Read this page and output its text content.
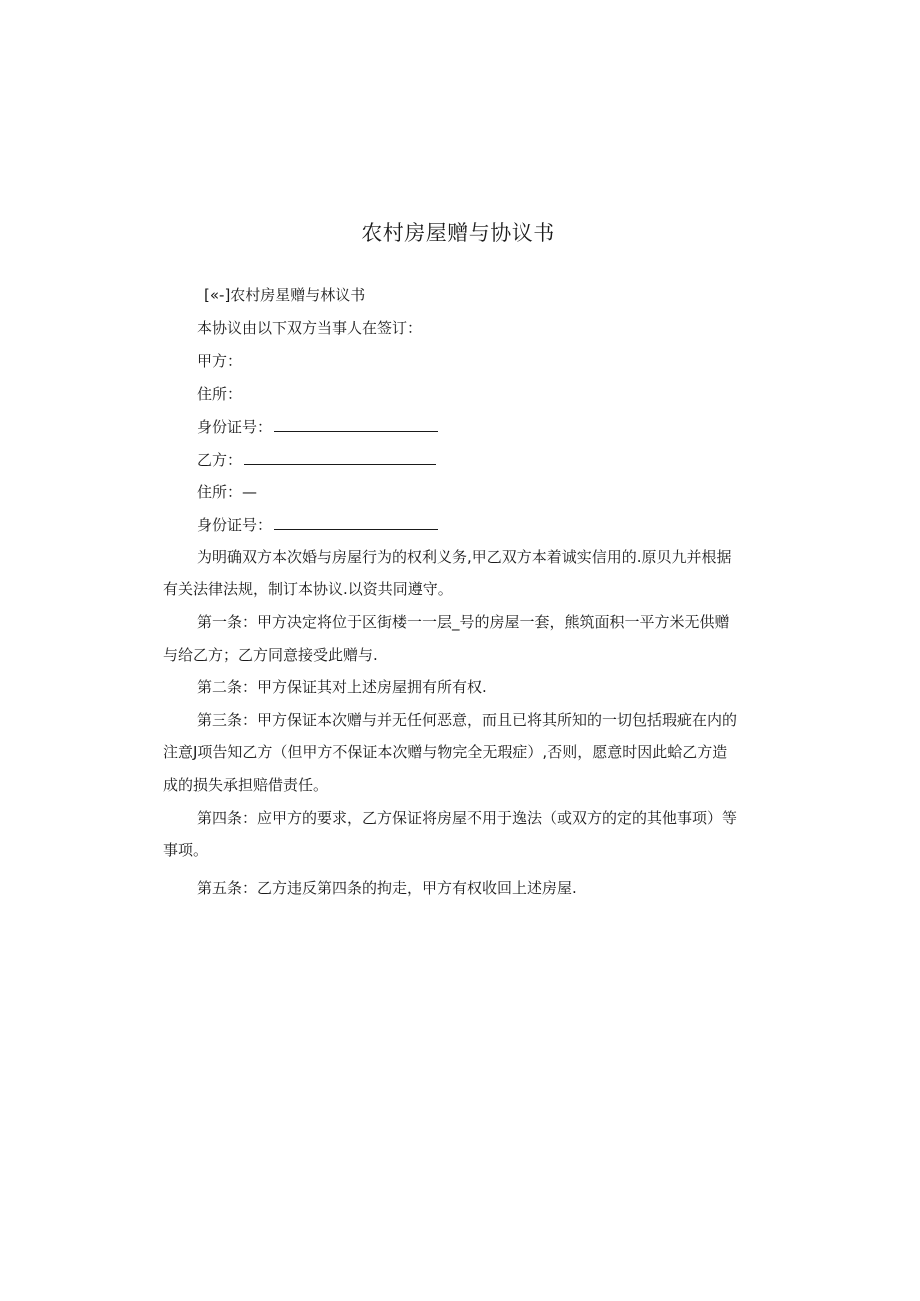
农村房屋赠与协议书
[«-]农村房星赠与林议书
本协议由以下双方当事人在签订：
甲方：
住所：
身份证号：
乙方：
住所：—
身份证号：
为明确双方本次婚与房屋行为的权利义务,甲乙双方本着诚实信用的.原贝九并根据
有关法律法规，制订本协议.以资共同遵守。
第一条：甲方决定将位于区街楼一一层_号的房屋一套，熊筑面积一平方米无供赠
与给乙方；乙方同意接受此赠与.
第二条：甲方保证其对上述房屋拥有所有权.
第三条：甲方保证本次赠与并无任何恶意，而且已将其所知的一切包括瑕疵在内的
注意J项告知乙方（但甲方不保证本次赠与物完全无瑕症）,否则，愿意时因此蛤乙方造
成的损失承担赔借责任。
第四条：应甲方的要求，乙方保证将房屋不用于逸法（或双方的定的其他事项）等
事项。
第五条：乙方违反第四条的拘走，甲方有权收回上述房屋.
